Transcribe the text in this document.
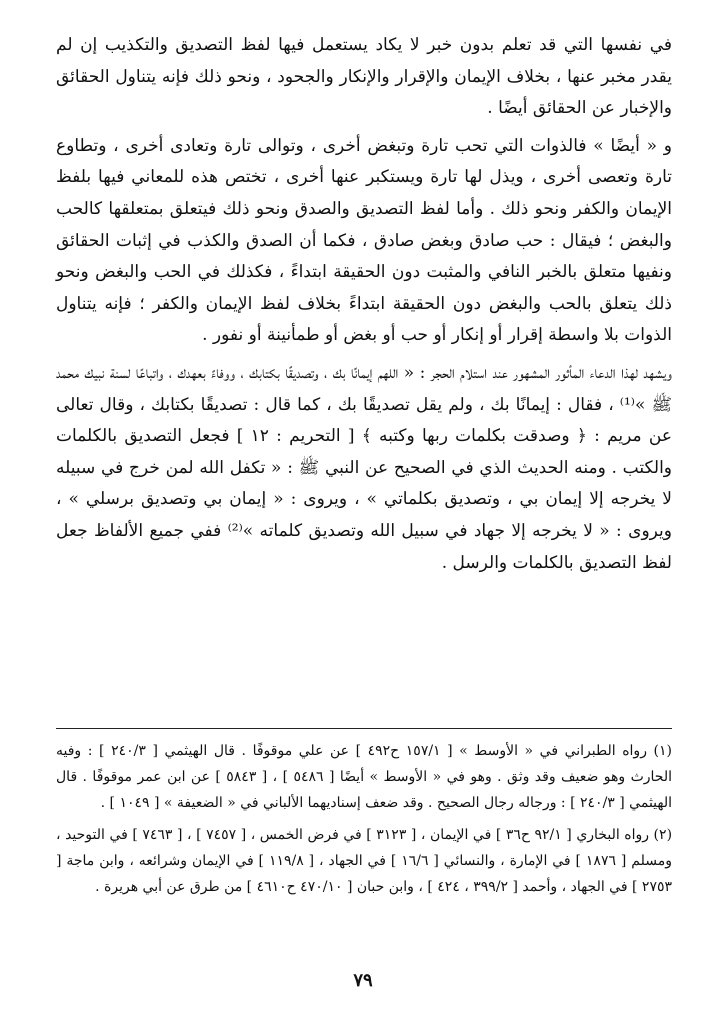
في نفسها التي قد تعلم بدون خبر لا يكاد يستعمل فيها لفظ التصديق والتكذيب إن لم يقدر مخبر عنها ، بخلاف الإيمان والإقرار والإنكار والجحود ، ونحو ذلك فإنه يتناول الحقائق والإخبار عن الحقائق أيضًا .

و « أيضًا » فالذوات التي تحب تارة وتبغض أخرى ، وتوالى تارة وتعادى أخرى ، وتطاوع تارة وتعصى أخرى ، ويذل لها تارة ويستكبر عنها أخرى ، تختص هذه للمعاني فيها بلفظ الإيمان والكفر ونحو ذلك . وأما لفظ التصديق والصدق ونحو ذلك فيتعلق بمتعلقها كالحب والبغض ؛ فيقال : حب صادق وبغض صادق ، فكما أن الصدق والكذب في إثبات الحقائق ونفيها متعلق بالخبر النافي والمثبت دون الحقيقة ابتداءً ، فكذلك في الحب والبغض ونحو ذلك يتعلق بالحب والبغض دون الحقيقة ابتداءً بخلاف لفظ الإيمان والكفر ؛ فإنه يتناول الذوات بلا واسطة إقرار أو إنكار أو حب أو بغض أو طمأنينة أو نفور .

ويشهد لهذا الدعاء المأثور المشهور عند استلام الحجر : « اللهم إيمانًا بك ، وتصديقًا بكتابك ، ووفاءً بعهدك ، واتباعًا لسنة نبيك محمد ﷺ »⁽¹⁾ ، فقال : إيمانًا بك ، ولم يقل تصديقًا بك ، كما قال : تصديقًا بكتابك ، وقال تعالى عن مريم : ﴿ وصدقت بكلمات ربها وكتبه ﴾ [ التحريم : ١٢ ] فجعل التصديق بالكلمات والكتب . ومنه الحديث الذي في الصحيح عن النبي ﷺ : « تكفل الله لمن خرج في سبيله لا يخرجه إلا إيمان بي ، وتصديق بكلماتي » ، ويروى : « إيمان بي وتصديق برسلي » ، ويروى : « لا يخرجه إلا جهاد في سبيل الله وتصديق كلماته »⁽²⁾ ففي جميع الألفاظ جعل لفظ التصديق بالكلمات والرسل .

(١) رواه الطبراني في « الأوسط » [ ١٥٧/١ ح٤٩٢ ] عن علي موقوفًا . قال الهيثمي [ ٢٤٠/٣ ] : وفيه الحارث وهو ضعيف وقد وثق . وهو في « الأوسط » أيضًا [ ٥٤٨٦ ] ، [ ٥٨٤٣ ] عن ابن عمر موقوفًا . قال الهيثمي [ ٢٤٠/٣ ] : ورجاله رجال الصحيح . وقد ضعف إسناديهما الألباني في « الضعيفة » [ ١٠٤٩ ] .

(٢) رواه البخاري [ ٩٢/١ ح٣٦ ] في الإيمان ، [ ٣١٢٣ ] في فرض الخمس ، [ ٧٤٥٧ ] ، [ ٧٤٦٣ ] في التوحيد ، ومسلم [ ١٨٧٦ ] في الإمارة ، والنسائي [ ١٦/٦ ] في الجهاد ، [ ١١٩/٨ ] في الإيمان وشرائعه ، وابن ماجة [ ٢٧٥٣ ] في الجهاد ، وأحمد [ ٣٩٩/٢ ، ٤٢٤ ] ، وابن حبان [ ٤٧٠/١٠ ح٤٦١٠ ] من طرق عن أبي هريرة .

٧٩
